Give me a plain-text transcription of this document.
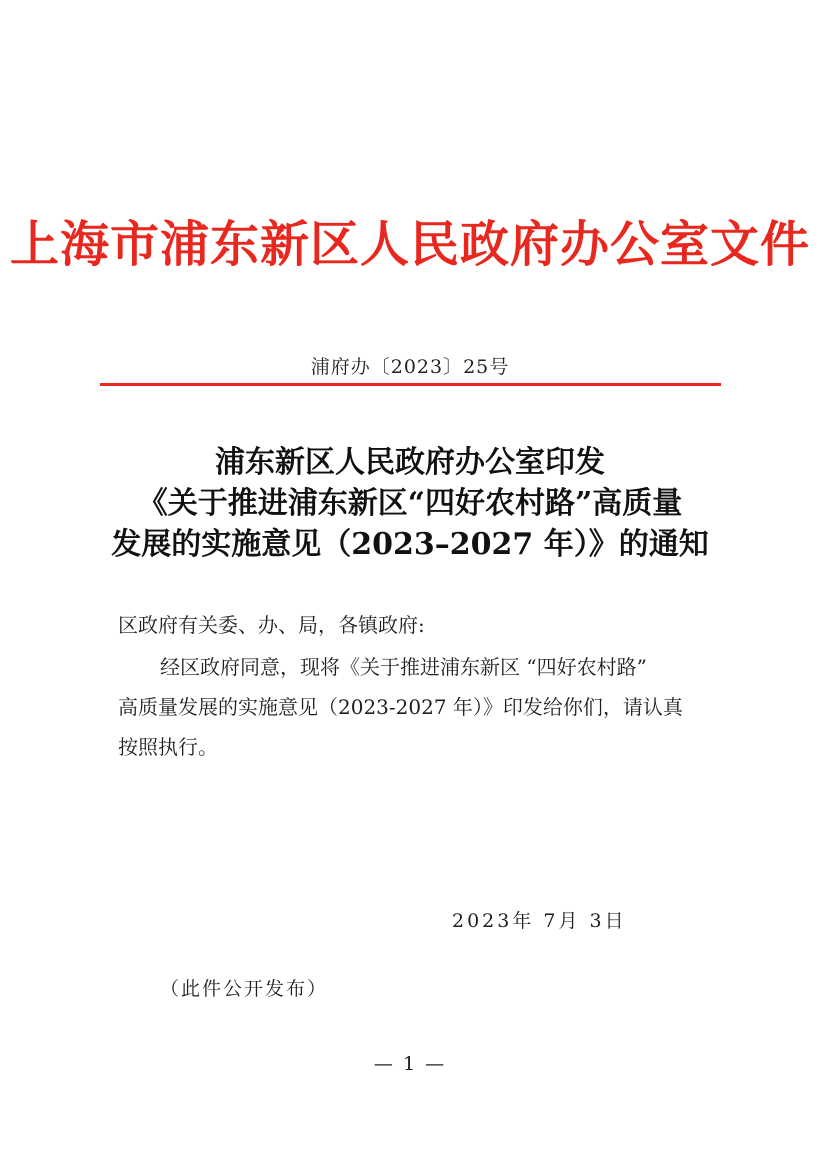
上海市浦东新区人民政府办公室文件
浦府办〔2023〕25号
浦东新区人民政府办公室印发
《关于推进浦东新区“四好农村路”高质量
发展的实施意见（2023–2027 年）》的通知
区政府有关委、办、局，各镇政府:
经区政府同意，现将《关于推进浦东新区 “四好农村路”
高质量发展的实施意见（2023-2027 年）》印发给你们，请认真
按照执行。
2023年 7月 3日
（此件公开发布）
— 1 —
